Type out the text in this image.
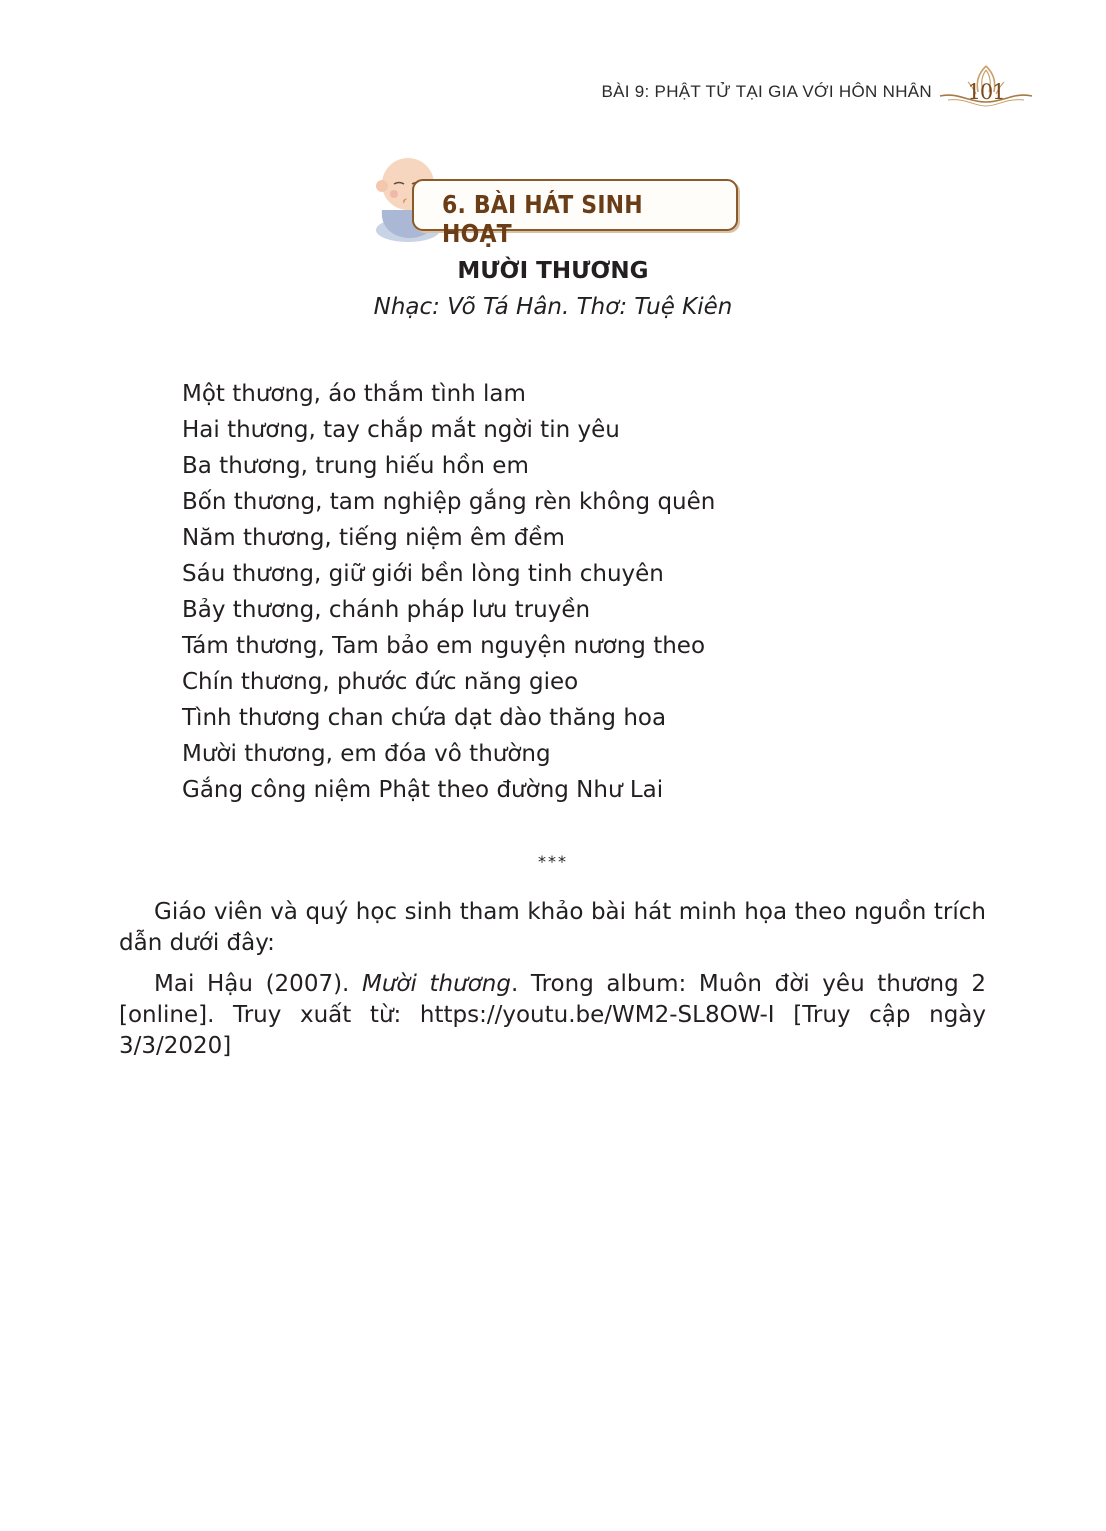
BÀI 9: PHẬT TỬ TẠI GIA VỚI HÔN NHÂN	101
6. BÀI HÁT SINH HOẠT
MƯỜI THƯƠNG
Nhạc: Võ Tá Hân. Thơ: Tuệ Kiên
Một thương, áo thắm tình lam
Hai thương, tay chắp mắt ngời tin yêu
Ba thương, trung hiếu hồn em
Bốn thương, tam nghiệp gắng rèn không quên
Năm thương, tiếng niệm êm đềm
Sáu thương, giữ giới bền lòng tinh chuyên
Bảy thương, chánh pháp lưu truyền
Tám thương, Tam bảo em nguyện nương theo
Chín thương, phước đức năng gieo
Tình thương chan chứa dạt dào thăng hoa
Mười thương, em đóa vô thường
Gắng công niệm Phật theo đường Như Lai
***

Giáo viên và quý học sinh tham khảo bài hát minh họa theo nguồn trích dẫn dưới đây:

Mai Hậu (2007). Mười thương. Trong album: Muôn đời yêu thương 2 [online]. Truy xuất từ: https://youtu.be/WM2-SL8OW-I [Truy cập ngày 3/3/2020]
